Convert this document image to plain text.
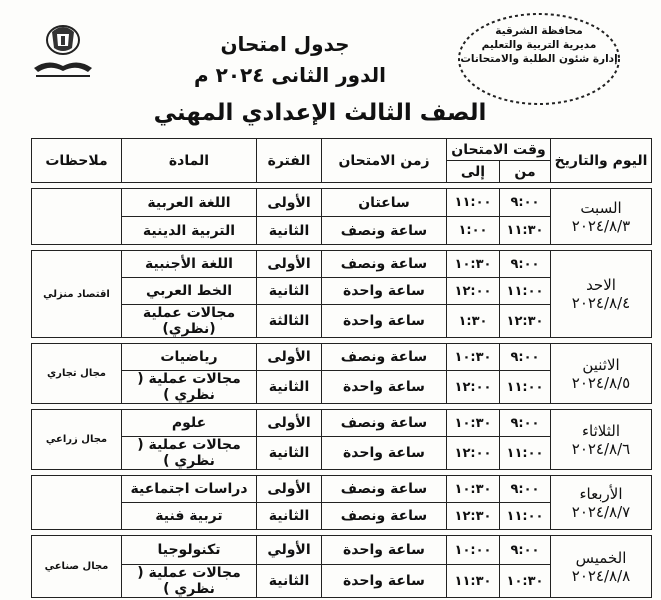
محافظة الشرقية
مديرية التربية والتعليم
إدارة شئون الطلبة والامتحانات
جدول امتحان
الدور الثانى ٢٠٢٤ م
الصف الثالث الإعدادي المهني
اليوم والتاريخ	وقت الامتحان		زمن الامتحان	الفترة	المادة	ملاحظات
	من	إلى				

السبت
٢٠٢٤/٨/٣	٩:٠٠	١١:٠٠	ساعتان	الأولى	اللغة العربية	

	١١:٣٠	١:٠٠	ساعة ونصف	الثانية	التربية الدينية	

الاحد
٢٠٢٤/٨/٤	٩:٠٠	١٠:٣٠	ساعة ونصف	الأولى	اللغة الأجنبية	اقتصاد منزلي

	١١:٠٠	١٢:٠٠	ساعة واحدة	الثانية	الخط العربي	
	١٢:٣٠	١:٣٠	ساعة واحدة	الثالثة	مجالات عملية (نظري)	

الاثنين
٢٠٢٤/٨/٥	٩:٠٠	١٠:٣٠	ساعة ونصف	الأولى	رياضيات	مجال تجاري

	١١:٠٠	١٢:٠٠	ساعة واحدة	الثانية	مجالات عملية ( نظري )	

الثلاثاء
٢٠٢٤/٨/٦	٩:٠٠	١٠:٣٠	ساعة ونصف	الأولى	علوم	مجال زراعي

	١١:٠٠	١٢:٠٠	ساعة واحدة	الثانية	مجالات عملية ( نظري )	

الأربعاء
٢٠٢٤/٨/٧	٩:٠٠	١٠:٣٠	ساعة ونصف	الأولى	دراسات اجتماعية	

	١١:٠٠	١٢:٣٠	ساعة ونصف	الثانية	تربية فنية	

الخميس
٢٠٢٤/٨/٨	٩:٠٠	١٠:٠٠	ساعة واحدة	الأولي	تكنولوجيا	مجال صناعي

	١٠:٣٠	١١:٣٠	ساعة واحدة	الثانية	مجالات عملية ( نظري )	
